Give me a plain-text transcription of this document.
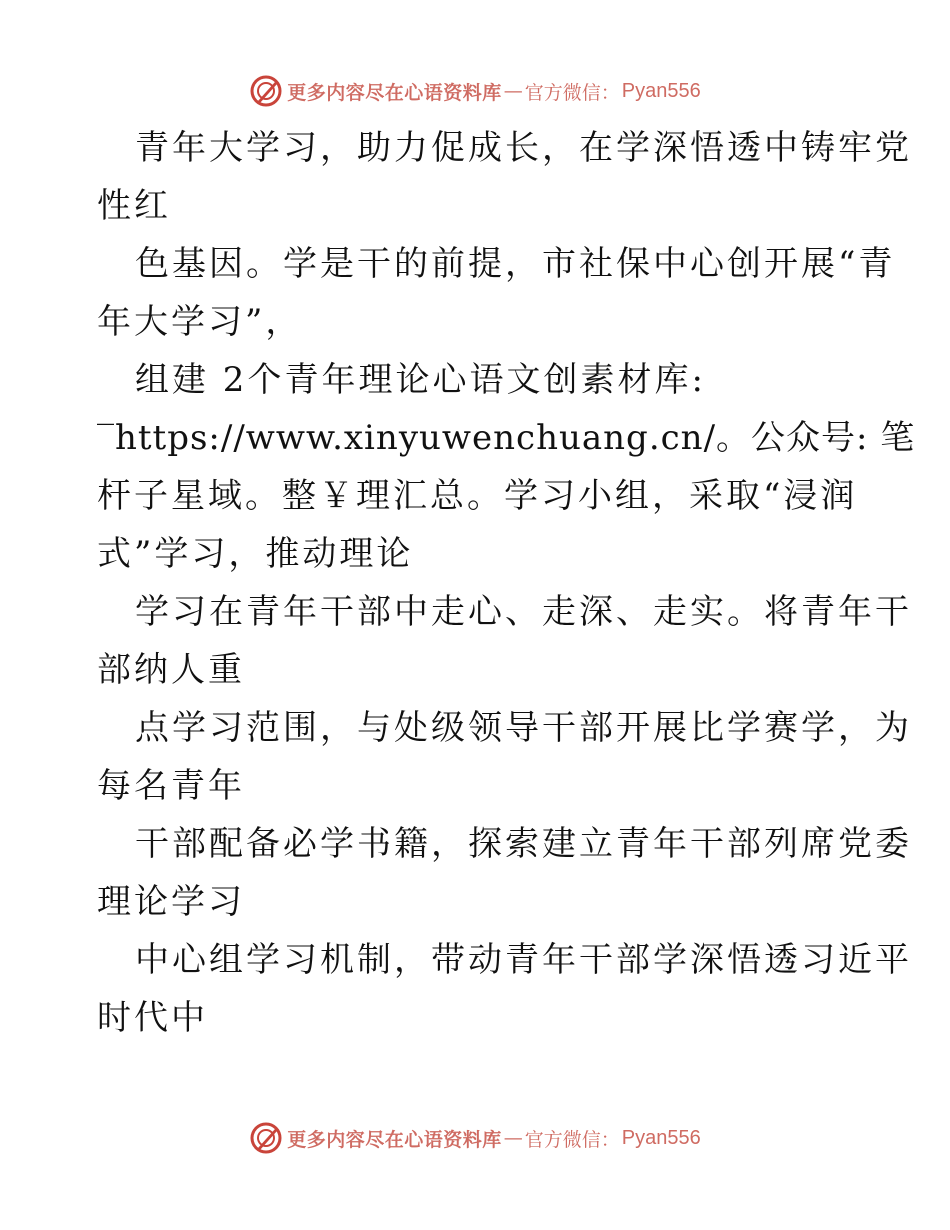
更多内容尽在心语资料库 — 官方微信： Pyan556
青年大学习，助力促成长，在学深悟透中铸牢党
性红
色基因。学是干的前提，市社保中心创开展“青
年大学习”，
组建 2个青年理论心语文创素材库:
‾https://www.xinyuwenchuang.cn/。公众号: 笔
杆子星域。整￥理汇总。学习小组，采取“浸润
式”学习，推动理论
学习在青年干部中走心、走深、走实。将青年干
部纳人重
点学习范围，与处级领导干部开展比学赛学，为
每名青年
干部配备必学书籍，探索建立青年干部列席党委
理论学习
中心组学习机制，带动青年干部学深悟透习近平
时代中
更多内容尽在心语资料库 — 官方微信： Pyan556
